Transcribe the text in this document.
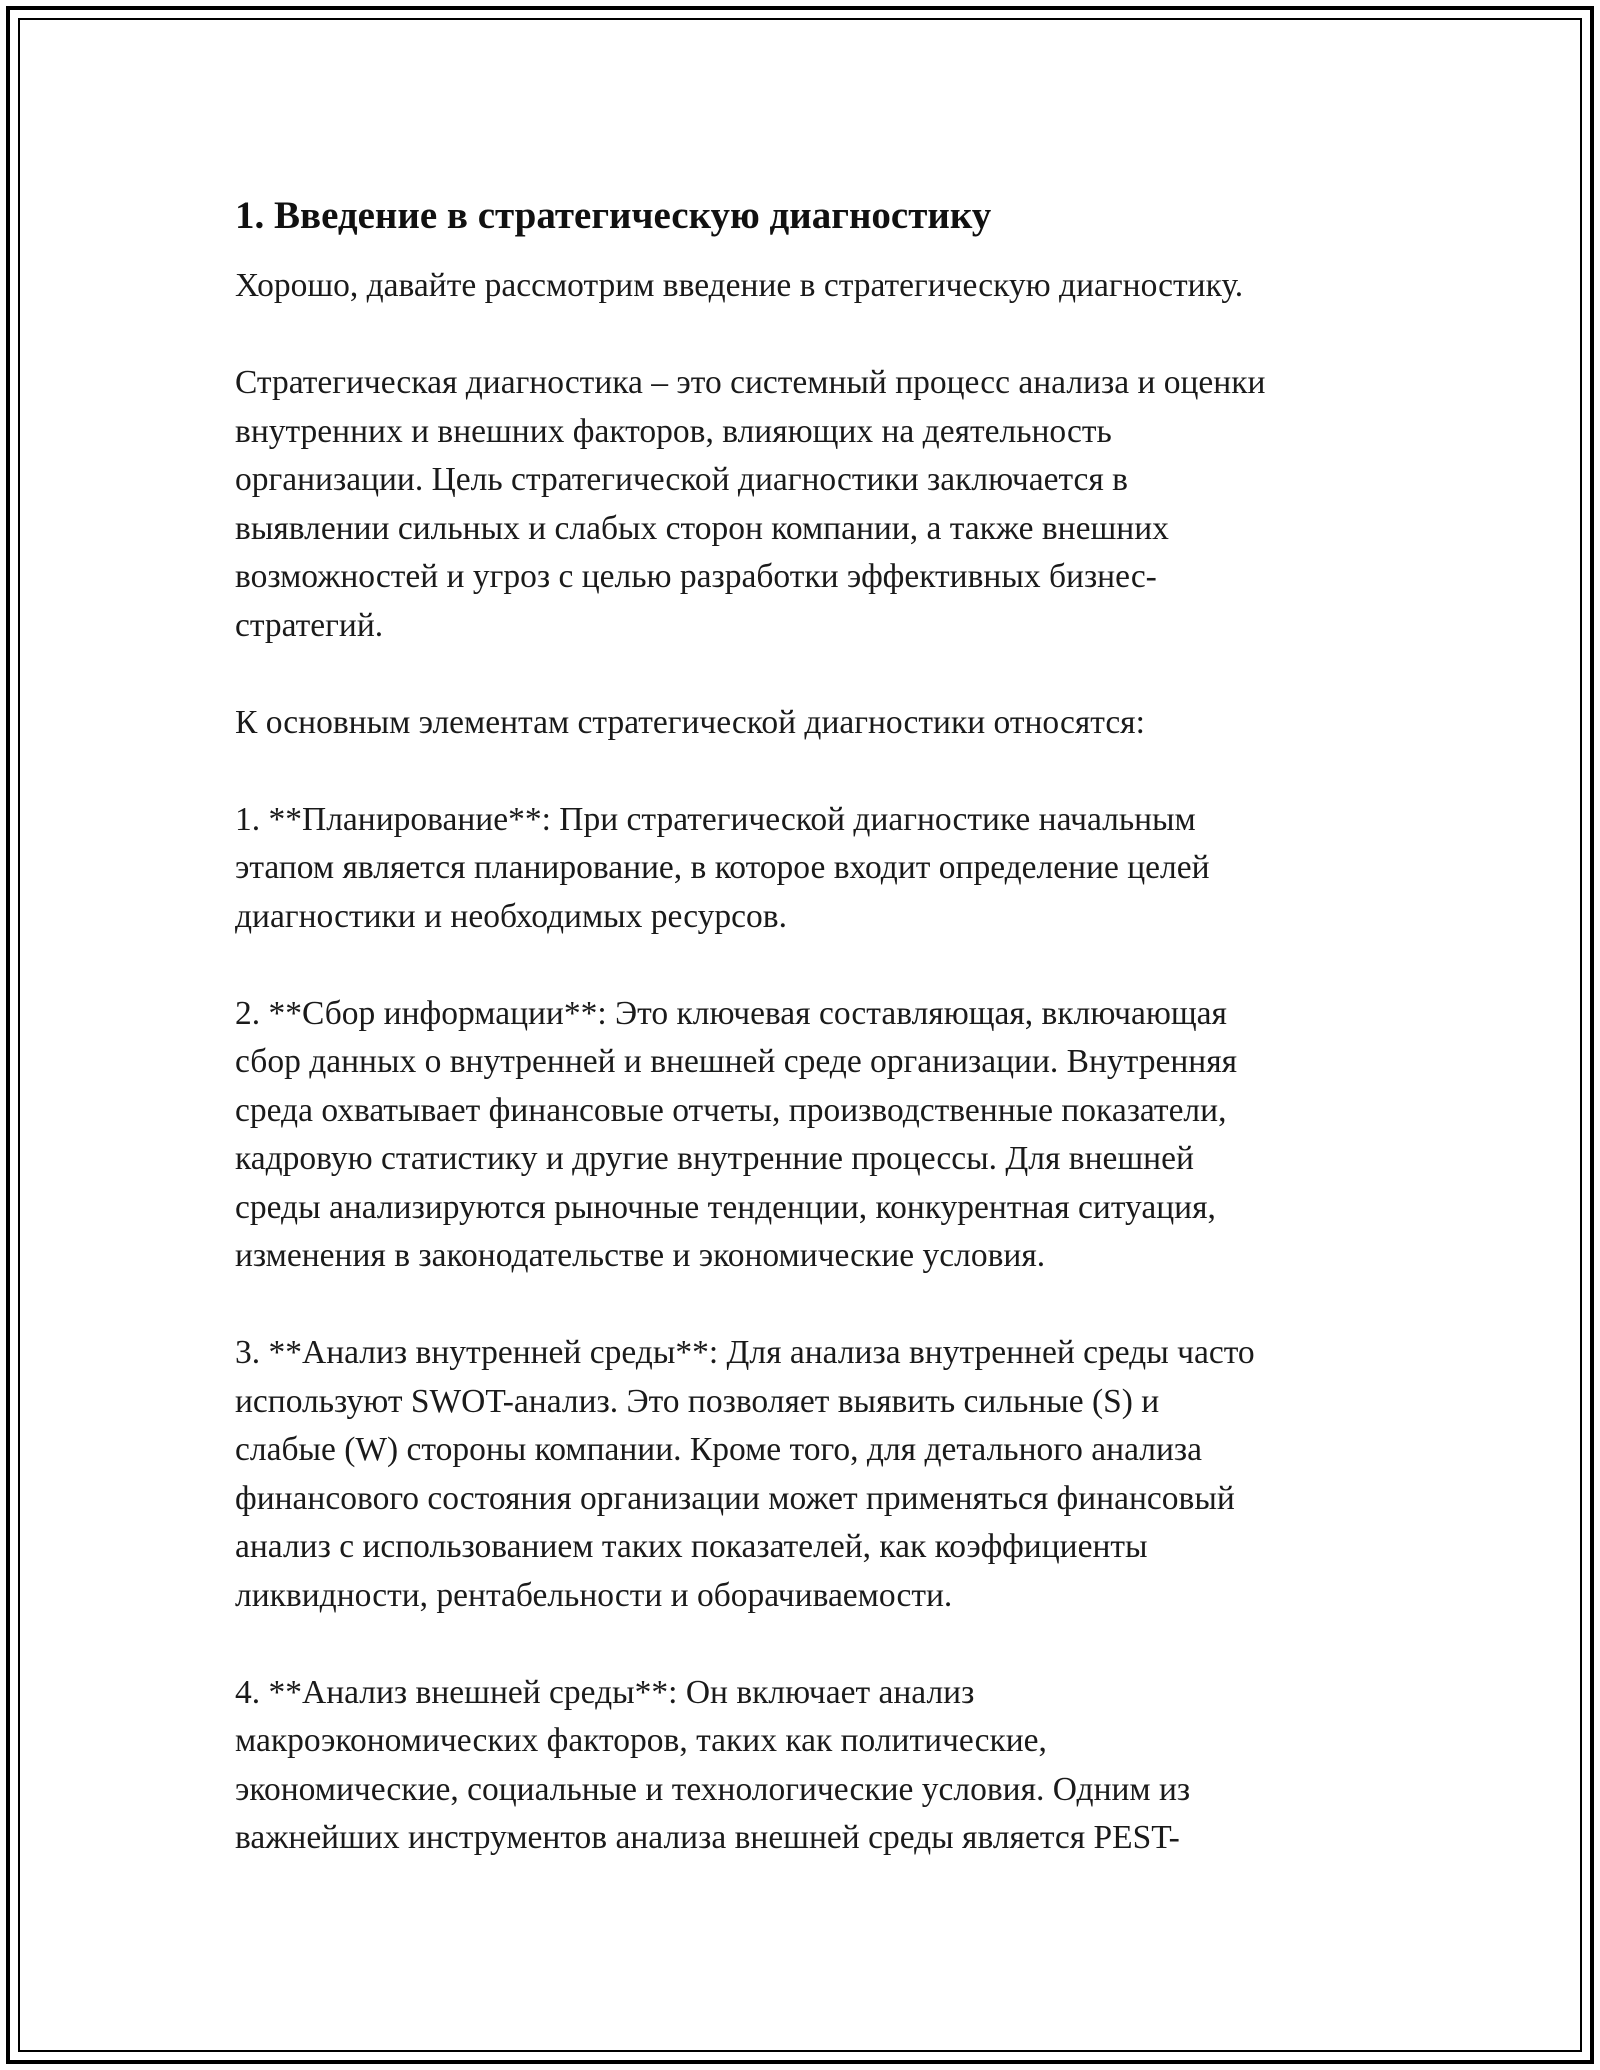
1. Введение в стратегическую диагностику

Хорошо, давайте рассмотрим введение в стратегическую диагностику.

Стратегическая диагностика – это системный процесс анализа и оценки
внутренних и внешних факторов, влияющих на деятельность
организации. Цель стратегической диагностики заключается в
выявлении сильных и слабых сторон компании, а также внешних
возможностей и угроз с целью разработки эффективных бизнес-
стратегий.

К основным элементам стратегической диагностики относятся:

1. **Планирование**: При стратегической диагностике начальным
этапом является планирование, в которое входит определение целей
диагностики и необходимых ресурсов.

2. **Сбор информации**: Это ключевая составляющая, включающая
сбор данных о внутренней и внешней среде организации. Внутренняя
среда охватывает финансовые отчеты, производственные показатели,
кадровую статистику и другие внутренние процессы. Для внешней
среды анализируются рыночные тенденции, конкурентная ситуация,
изменения в законодательстве и экономические условия.

3. **Анализ внутренней среды**: Для анализа внутренней среды часто
используют SWOT-анализ. Это позволяет выявить сильные (S) и
слабые (W) стороны компании. Кроме того, для детального анализа
финансового состояния организации может применяться финансовый
анализ с использованием таких показателей, как коэффициенты
ликвидности, рентабельности и оборачиваемости.

4. **Анализ внешней среды**: Он включает анализ
макроэкономических факторов, таких как политические,
экономические, социальные и технологические условия. Одним из
важнейших инструментов анализа внешней среды является PEST-
